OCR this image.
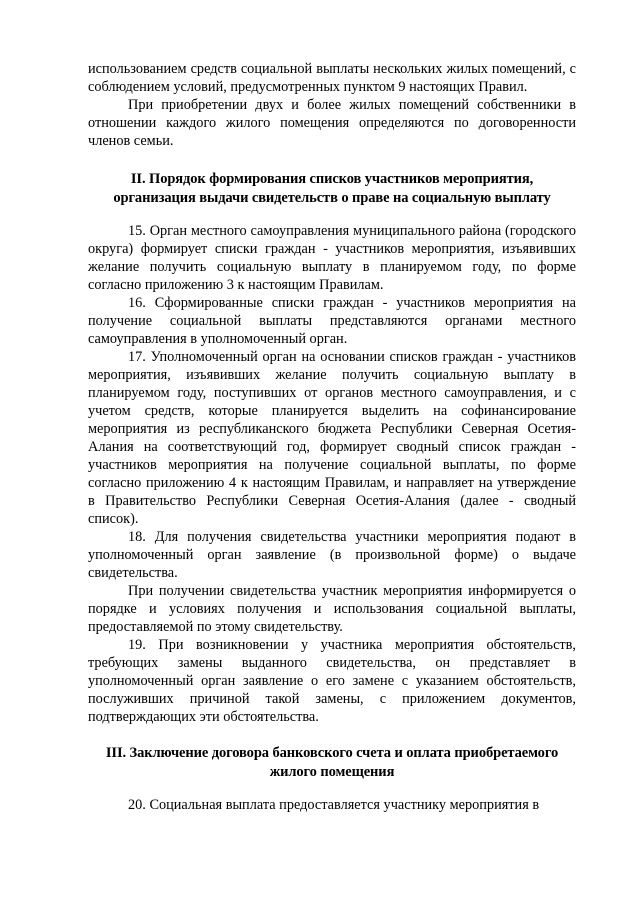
использованием средств социальной выплаты нескольких жилых помещений, с соблюдением условий, предусмотренных пунктом 9 настоящих Правил.

При приобретении двух и более жилых помещений собственники в отношении каждого жилого помещения определяются по договоренности членов семьи.

II. Порядок формирования списков участников мероприятия,
организация выдачи свидетельств о праве на социальную выплату

15. Орган местного самоуправления муниципального района (городского округа) формирует списки граждан - участников мероприятия, изъявивших желание получить социальную выплату в планируемом году, по форме согласно приложению 3 к настоящим Правилам.

16. Сформированные списки граждан - участников мероприятия на получение социальной выплаты представляются органами местного самоуправления в уполномоченный орган.

17. Уполномоченный орган на основании списков граждан - участников мероприятия, изъявивших желание получить социальную выплату в планируемом году, поступивших от органов местного самоуправления, и с учетом средств, которые планируется выделить на софинансирование мероприятия из республиканского бюджета Республики Северная Осетия-Алания на соответствующий год, формирует сводный список граждан - участников мероприятия на получение социальной выплаты, по форме согласно приложению 4 к настоящим Правилам, и направляет на утверждение в Правительство Республики Северная Осетия-Алания (далее - сводный список).

18. Для получения свидетельства участники мероприятия подают в уполномоченный орган заявление (в произвольной форме) о выдаче свидетельства.

При получении свидетельства участник мероприятия информируется о порядке и условиях получения и использования социальной выплаты, предоставляемой по этому свидетельству.

19. При возникновении у участника мероприятия обстоятельств, требующих замены выданного свидетельства, он представляет в уполномоченный орган заявление о его замене с указанием обстоятельств, послуживших причиной такой замены, с приложением документов, подтверждающих эти обстоятельства.

III. Заключение договора банковского счета и оплата приобретаемого
жилого помещения

20. Социальная выплата предоставляется участнику мероприятия в
